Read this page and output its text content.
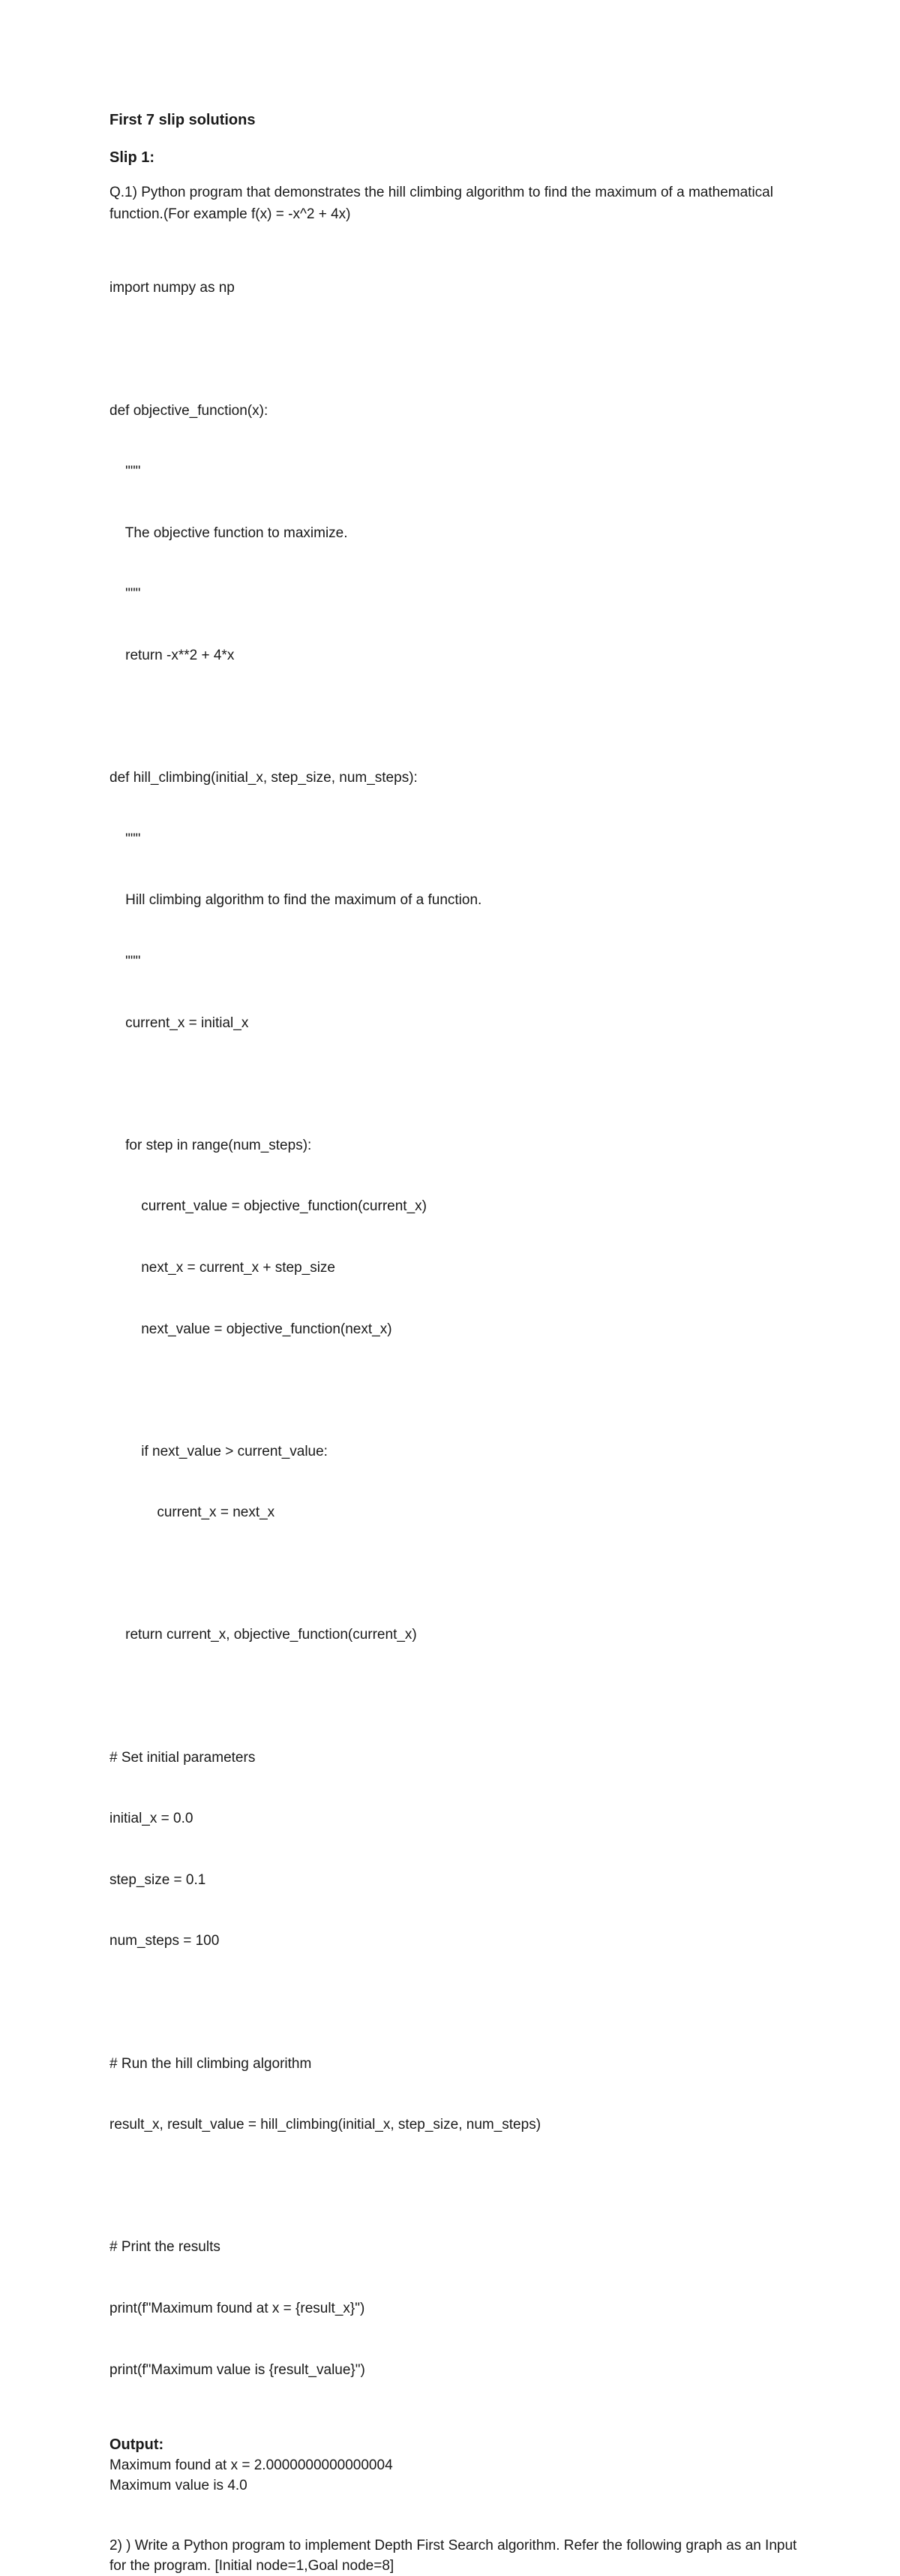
First 7 slip solutions
Slip 1:
Q.1) Python program that demonstrates the hill climbing algorithm to find the maximum of a mathematical function.(For example f(x) = -x^2 + 4x)

import numpy as np

def objective_function(x):

"""

The objective function to maximize.

"""

return -x**2 + 4*x

def hill_climbing(initial_x, step_size, num_steps):

"""

Hill climbing algorithm to find the maximum of a function.

"""

current_x = initial_x

for step in range(num_steps):

current_value = objective_function(current_x)

next_x = current_x + step_size

next_value = objective_function(next_x)

if next_value > current_value:

current_x = next_x

return current_x, objective_function(current_x)

# Set initial parameters

initial_x = 0.0

step_size = 0.1

num_steps = 100

# Run the hill climbing algorithm

result_x, result_value = hill_climbing(initial_x, step_size, num_steps)

# Print the results

print(f"Maximum found at x = {result_x}")

print(f"Maximum value is {result_value}")

Output:
Maximum found at x = 2.0000000000000004
Maximum value is 4.0
2) ) Write a Python program to implement Depth First Search algorithm. Refer the following graph as an Input for the program. [Initial node=1,Goal node=8]
